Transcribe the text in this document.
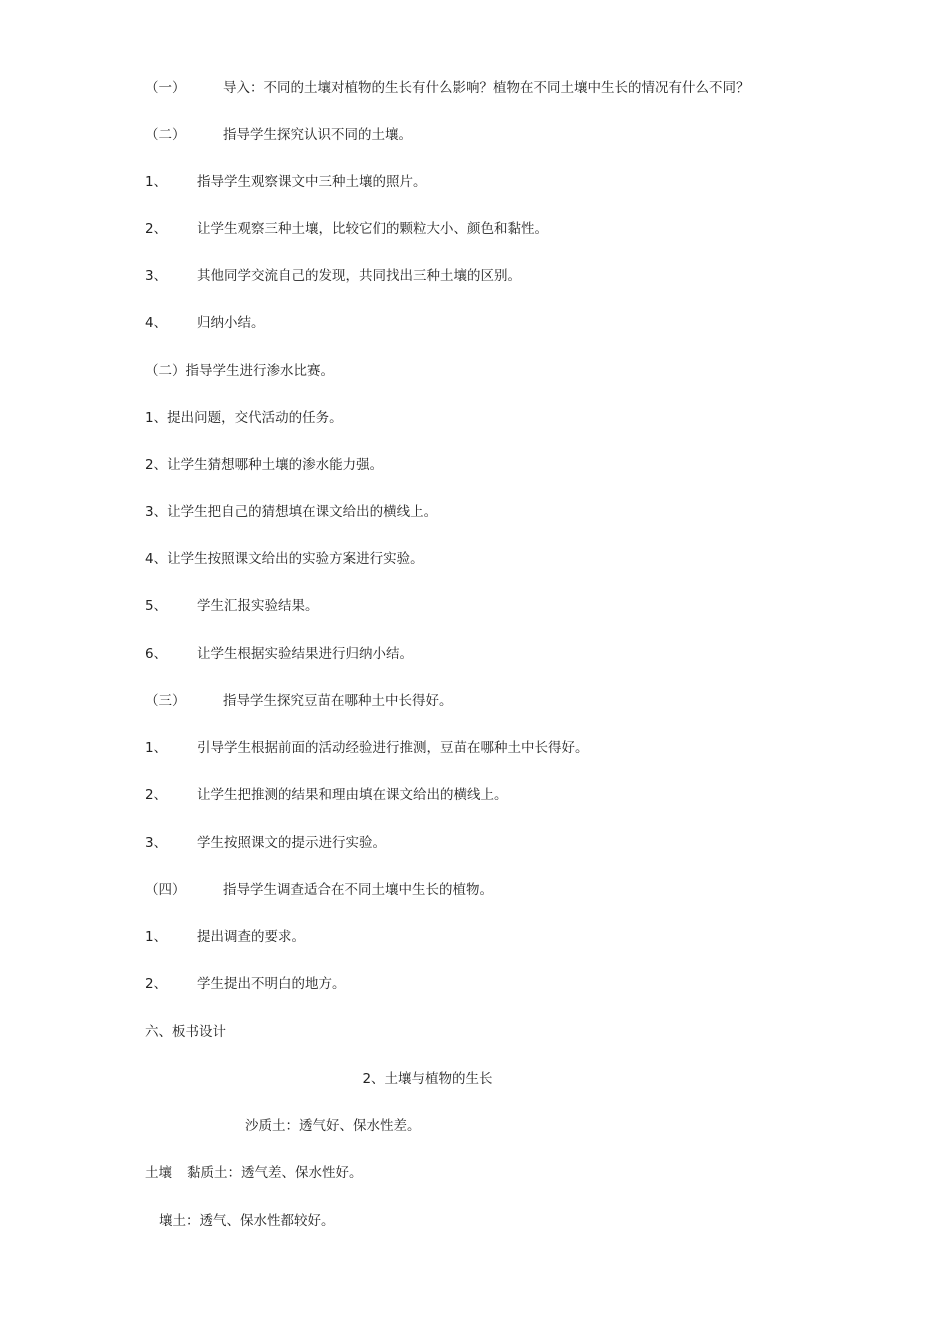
（一）	导入：不同的土壤对植物的生长有什么影响？植物在不同土壤中生长的情况有什么不同？
（二）	指导学生探究认识不同的土壤。
1、 指导学生观察课文中三种土壤的照片。
2、 让学生观察三种土壤，比较它们的颗粒大小、颜色和黏性。
3、 其他同学交流自己的发现，共同找出三种土壤的区别。
4、 归纳小结。
（二）指导学生进行渗水比赛。
1、提出问题，交代活动的任务。
2、让学生猜想哪种土壤的渗水能力强。
3、让学生把自己的猜想填在课文给出的横线上。
4、让学生按照课文给出的实验方案进行实验。
5、 学生汇报实验结果。
6、 让学生根据实验结果进行归纳小结。
（三）	指导学生探究豆苗在哪种土中长得好。
1、 引导学生根据前面的活动经验进行推测，豆苗在哪种土中长得好。
2、 让学生把推测的结果和理由填在课文给出的横线上。
3、 学生按照课文的提示进行实验。
（四）	指导学生调查适合在不同土壤中生长的植物。
1、 提出调查的要求。
2、 学生提出不明白的地方。
六、板书设计
2、土壤与植物的生长
沙质土：透气好、保水性差。
土壤 黏质土：透气差、保水性好。
壤土：透气、保水性都较好。
